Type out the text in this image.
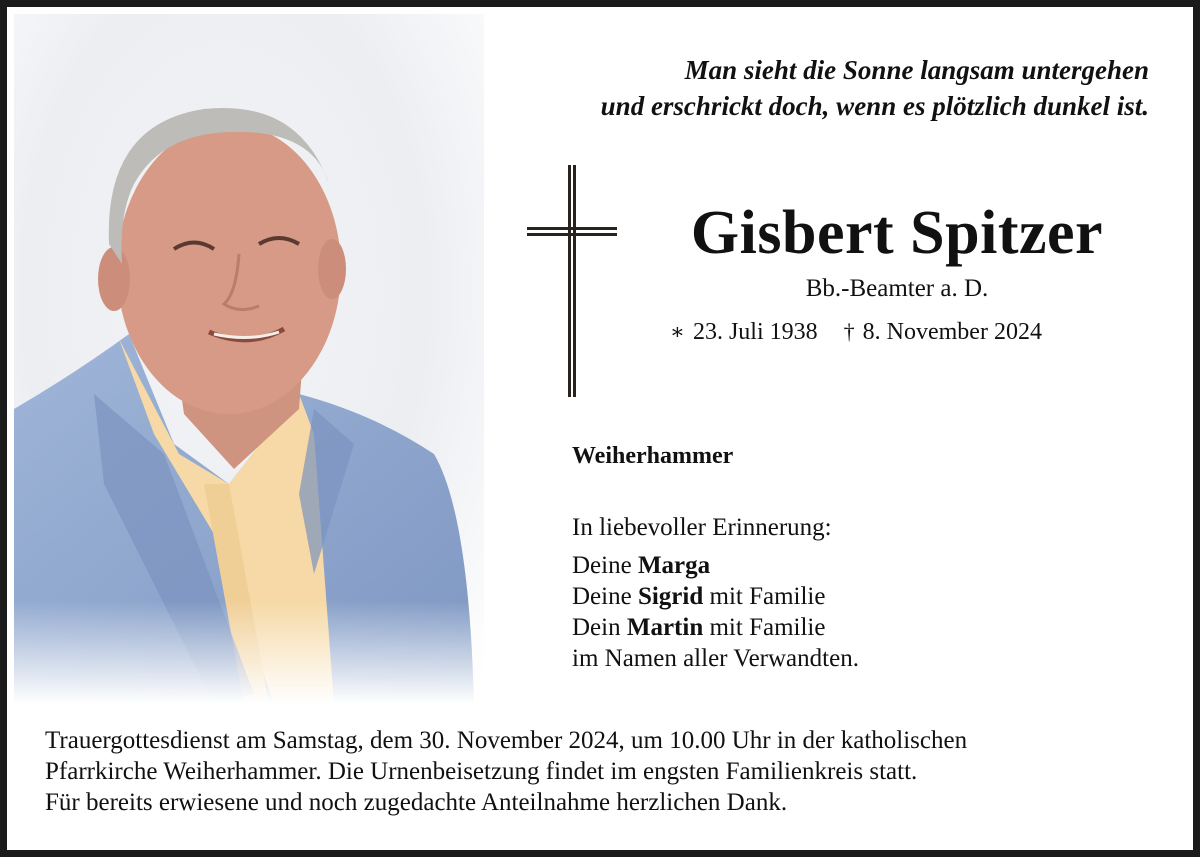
Man sieht die Sonne langsam untergehen
und erschrickt doch, wenn es plötzlich dunkel ist.
Gisbert Spitzer
Bb.-Beamter a. D.
∗ 23. Juli 1938 † 8. November 2024
Weiherhammer
In liebevoller Erinnerung:
Deine Marga
Deine Sigrid mit Familie
Dein Martin mit Familie
im Namen aller Verwandten.
Trauergottesdienst am Samstag, dem 30. November 2024, um 10.00 Uhr in der katholischen
Pfarrkirche Weiherhammer. Die Urnenbeisetzung findet im engsten Familienkreis statt.
Für bereits erwiesene und noch zugedachte Anteilnahme herzlichen Dank.
